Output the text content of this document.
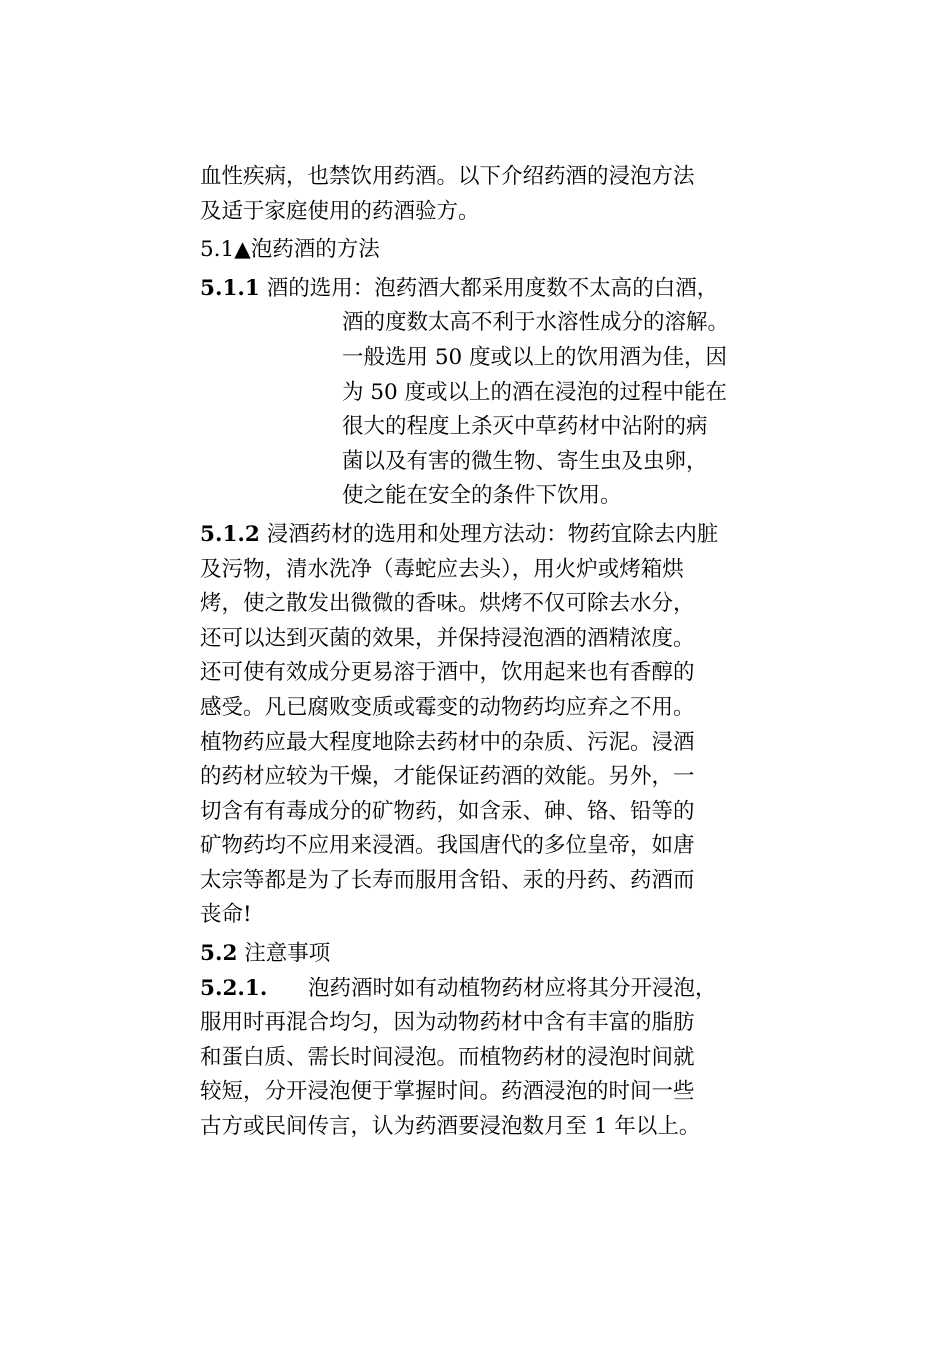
血性疾病，也禁饮用药酒。以下介绍药酒的浸泡方法
及适于家庭使用的药酒验方。
5.1▲泡药酒的方法
5.1.1 酒的选用：泡药酒大都采用度数不太高的白酒，
酒的度数太高不利于水溶性成分的溶解。
一般选用 50 度或以上的饮用酒为佳，因
为 50 度或以上的酒在浸泡的过程中能在
很大的程度上杀灭中草药材中沾附的病
菌以及有害的微生物、寄生虫及虫卵，
使之能在安全的条件下饮用。
5.1.2 浸酒药材的选用和处理方法动：物药宜除去内脏
及污物，清水洗净（毒蛇应去头），用火炉或烤箱烘
烤，使之散发出微微的香味。烘烤不仅可除去水分，
还可以达到灭菌的效果，并保持浸泡酒的酒精浓度。
还可使有效成分更易溶于酒中，饮用起来也有香醇的
感受。凡已腐败变质或霉变的动物药均应弃之不用。
植物药应最大程度地除去药材中的杂质、污泥。浸酒
的药材应较为干燥，才能保证药酒的效能。另外，一
切含有有毒成分的矿物药，如含汞、砷、铬、铅等的
矿物药均不应用来浸酒。我国唐代的多位皇帝，如唐
太宗等都是为了长寿而服用含铅、汞的丹药、药酒而
丧命!
5.2 注意事项
5.2.1. 泡药酒时如有动植物药材应将其分开浸泡，
服用时再混合均匀，因为动物药材中含有丰富的脂肪
和蛋白质、需长时间浸泡。而植物药材的浸泡时间就
较短，分开浸泡便于掌握时间。药酒浸泡的时间一些
古方或民间传言，认为药酒要浸泡数月至 1 年以上。
